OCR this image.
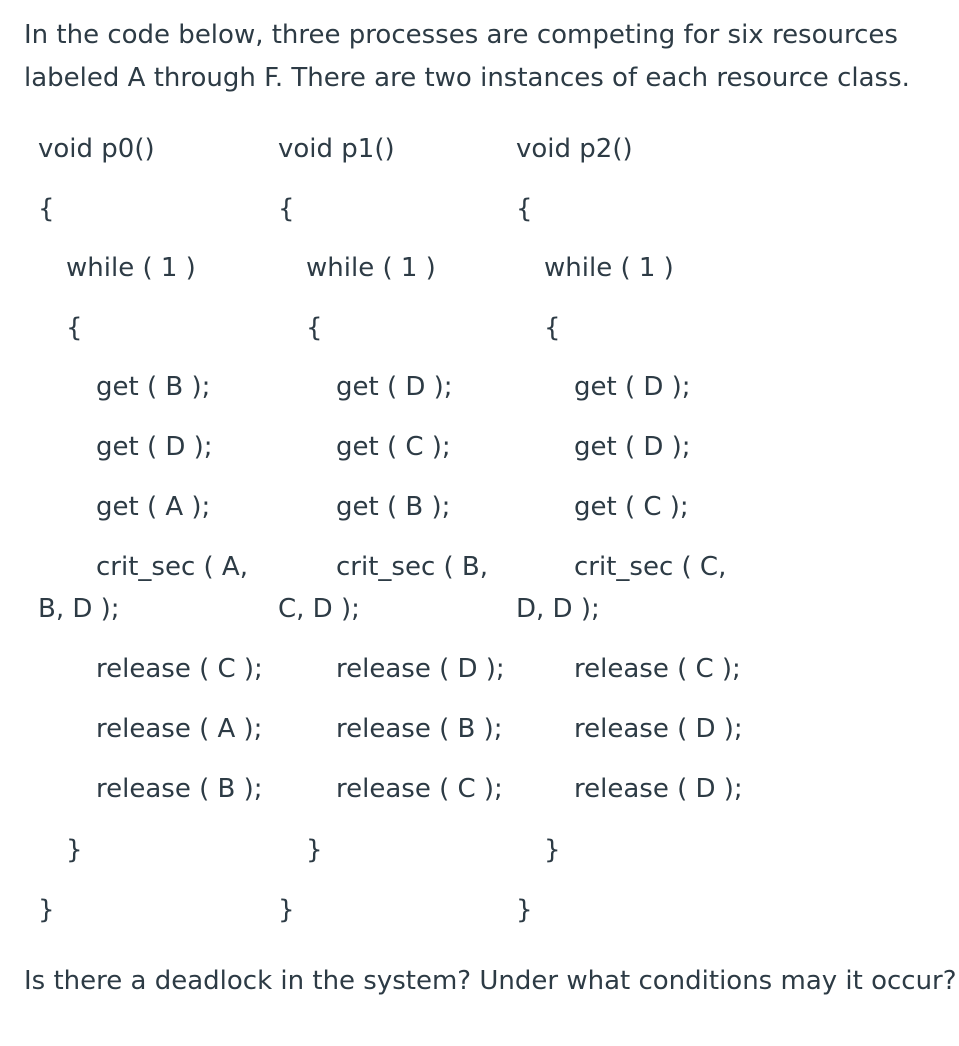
In the code below, three processes are competing for six resources labeled A through F. There are two instances of each resource class.

void p0()
{
while ( 1 )
{
get ( B );
get ( D );
get ( A );
crit_sec ( A,
B, D );
release ( C );
release ( A );
release ( B );
}
}
void p1()
{
while ( 1 )
{
get ( D );
get ( C );
get ( B );
crit_sec ( B,
C, D );
release ( D );
release ( B );
release ( C );
}
}
void p2()
{
while ( 1 )
{
get ( D );
get ( D );
get ( C );
crit_sec ( C,
D, D );
release ( C );
release ( D );
release ( D );
}
}

Is there a deadlock in the system? Under what conditions may it occur?
